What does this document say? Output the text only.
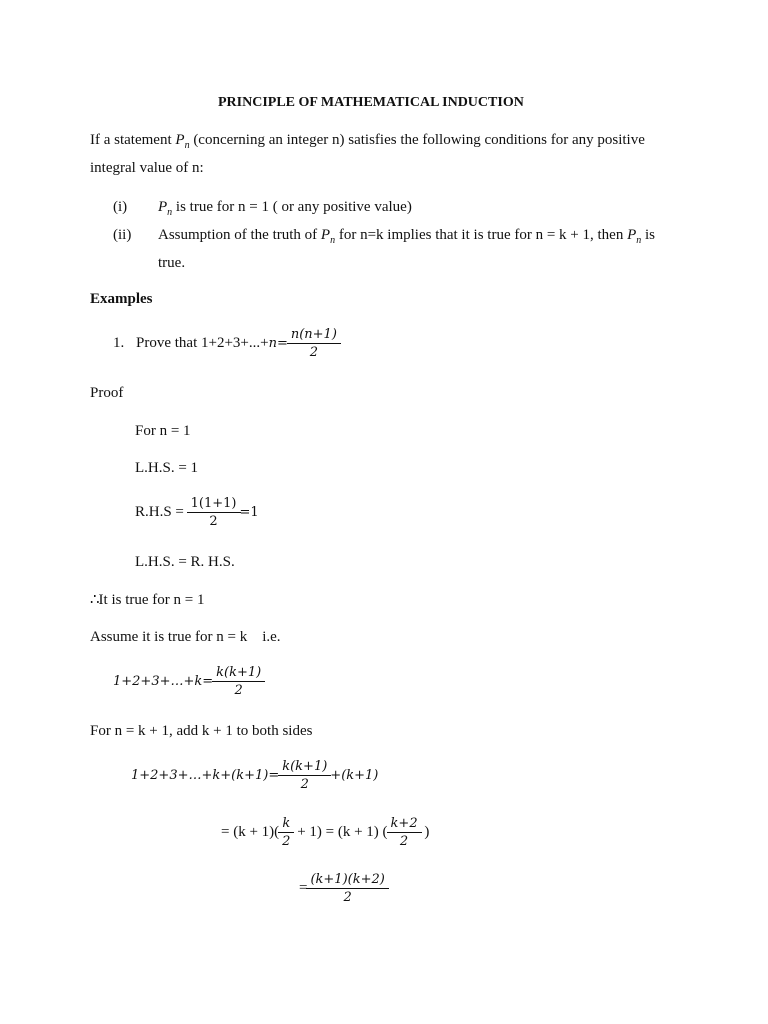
PRINCIPLE OF MATHEMATICAL INDUCTION
If a statement $P_n$ (concerning an integer n) satisfies the following conditions for any positive
integral value of n:
(i) $P_n$ is true for n = 1 ( or any positive value)
(ii) Assumption of the truth of $P_n$ for n=k implies that it is true for n = k + 1, then $P_n$ is
true.
Examples
1. Prove that $1+2+3+...+n= \frac{n(n+1)}{2}$
Proof
For n = 1
L.H.S. = 1
$R.H.S = \frac{1(1+1)}{2} =1$
L.H.S. = R. H.S.
∴It is true for n = 1
Assume it is true for n = k    i.e.
1+2+3+…+k= $\frac{k(k+1)}{2}$
For n = k + 1, add k + 1 to both sides
1+2+3+…+k+(k+1)= $\frac{k(k+1)}{2} +(k+1)$
= $(k + 1)( \frac{k}{2} + 1) = (k + 1)$ ( $\frac{k+2}{2}$ )
= $\frac{(k+1)(k+2)}{2}$
